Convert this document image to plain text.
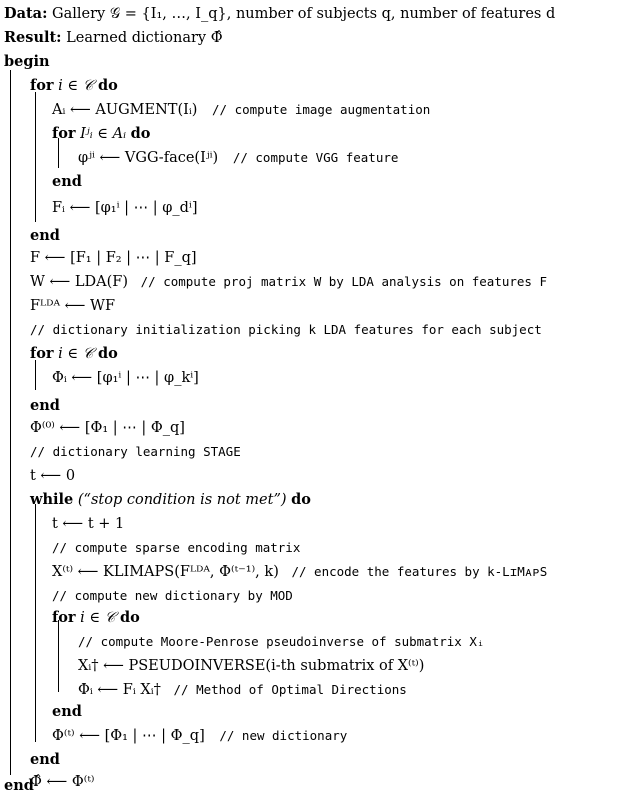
Data: Gallery 𝒢 = {I₁, …, I_q}, number of subjects q, number of features d
Result: Learned dictionary Φ̂
begin
for i ∈ 𝒞 do
Aᵢ ⟵ AUGMENT(Iᵢ) // compute image augmentation
for Iʲᵢ ∈ Aᵢ do
φʲⁱ ⟵ VGG-face(Iʲⁱ) // compute VGG feature
end
Fᵢ ⟵ [φ₁ⁱ | ⋯ | φ_dⁱ]
end
F ⟵ [F₁ | F₂ | ⋯ | F_q]
W ⟵ LDA(F) // compute proj matrix W by LDA analysis on features F
Fᴸᴰᴬ ⟵ WF
// dictionary initialization picking k LDA features for each subject
for i ∈ 𝒞 do
Φᵢ ⟵ [φ₁ⁱ | ⋯ | φ_kⁱ]
end
Φ⁽⁰⁾ ⟵ [Φ₁ | ⋯ | Φ_q]
// dictionary learning STAGE
t ⟵ 0
while (“stop condition is not met”) do
t ⟵ t + 1
// compute sparse encoding matrix
X⁽ᵗ⁾ ⟵ KLIMAPS(Fᴸᴰᴬ, Φ⁽ᵗ⁻¹⁾, k) // encode the features by k-LɪMᴀᴘS
// compute new dictionary by MOD
for i ∈ 𝒞 do
// compute Moore-Penrose pseudoinverse of submatrix Xᵢ
Xᵢ† ⟵ PSEUDOINVERSE(i-th submatrix of X⁽ᵗ⁾)
Φᵢ ⟵ Fᵢ Xᵢ† // Method of Optimal Directions
end
Φ⁽ᵗ⁾ ⟵ [Φ₁ | ⋯ | Φ_q] // new dictionary
end
Φ̂ ⟵ Φ⁽ᵗ⁾
end
